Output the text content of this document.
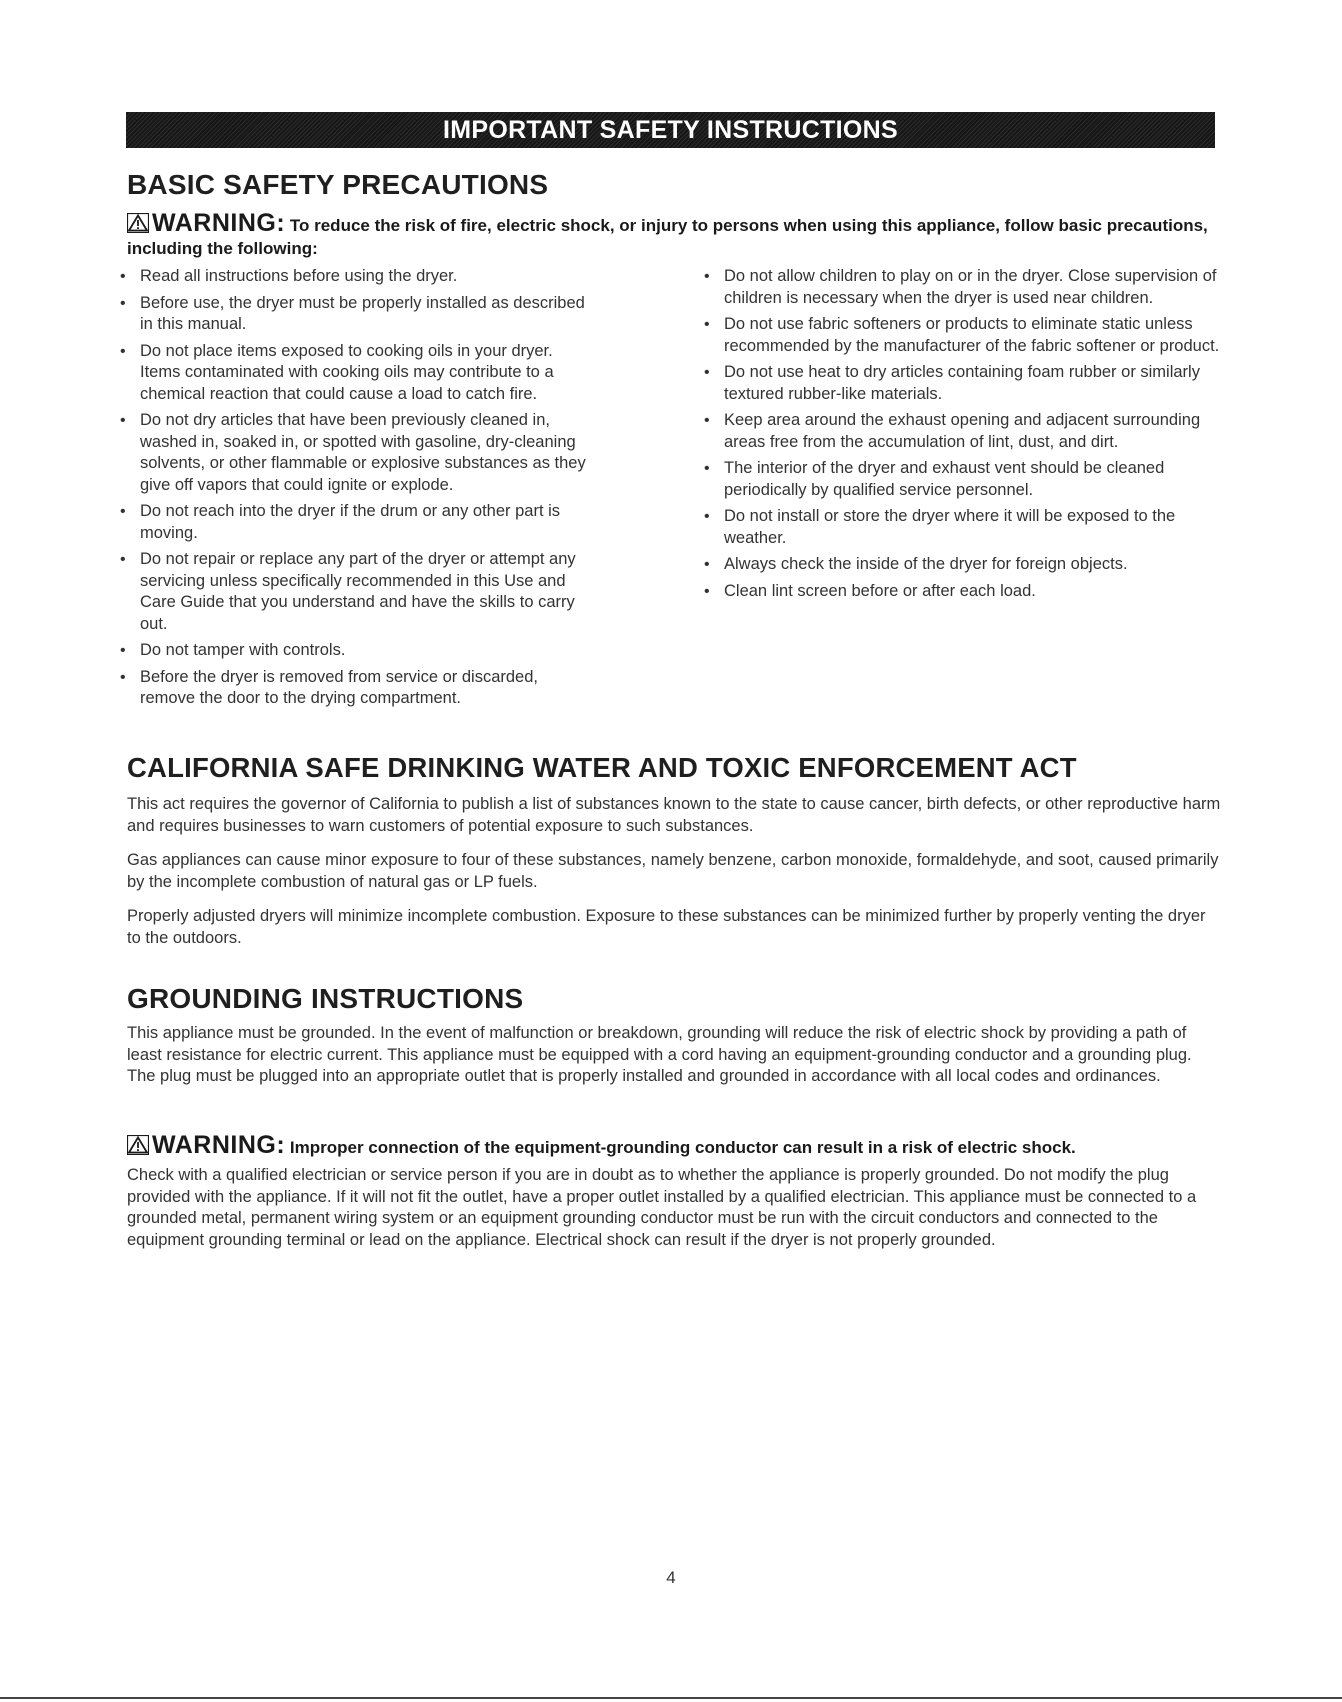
IMPORTANT SAFETY INSTRUCTIONS
BASIC SAFETY PRECAUTIONS
WARNING: To reduce the risk of fire, electric shock, or injury to persons when using this appliance, follow basic precautions, including the following:
• Read all instructions before using the dryer.
• Before use, the dryer must be properly installed as described in this manual.
• Do not place items exposed to cooking oils in your dryer. Items contaminated with cooking oils may contribute to a chemical reaction that could cause a load to catch fire.
• Do not dry articles that have been previously cleaned in, washed in, soaked in, or spotted with gasoline, dry-cleaning solvents, or other flammable or explosive substances as they give off vapors that could ignite or explode.
• Do not reach into the dryer if the drum or any other part is moving.
• Do not repair or replace any part of the dryer or attempt any servicing unless specifically recommended in this Use and Care Guide that you understand and have the skills to carry out.
• Do not tamper with controls.
• Before the dryer is removed from service or discarded, remove the door to the drying compartment.
• Do not allow children to play on or in the dryer. Close supervision of children is necessary when the dryer is used near children.
• Do not use fabric softeners or products to eliminate static unless recommended by the manufacturer of the fabric softener or product.
• Do not use heat to dry articles containing foam rubber or similarly textured rubber-like materials.
• Keep area around the exhaust opening and adjacent surrounding areas free from the accumulation of lint, dust, and dirt.
• The interior of the dryer and exhaust vent should be cleaned periodically by qualified service personnel.
• Do not install or store the dryer where it will be exposed to the weather.
• Always check the inside of the dryer for foreign objects.
• Clean lint screen before or after each load.
CALIFORNIA SAFE DRINKING WATER AND TOXIC ENFORCEMENT ACT

This act requires the governor of California to publish a list of substances known to the state to cause cancer, birth defects, or other reproductive harm and requires businesses to warn customers of potential exposure to such substances.

Gas appliances can cause minor exposure to four of these substances, namely benzene, carbon monoxide, formaldehyde, and soot, caused primarily by the incomplete combustion of natural gas or LP fuels.

Properly adjusted dryers will minimize incomplete combustion. Exposure to these substances can be minimized further by properly venting the dryer to the outdoors.

GROUNDING INSTRUCTIONS

This appliance must be grounded. In the event of malfunction or breakdown, grounding will reduce the risk of electric shock by providing a path of least resistance for electric current. This appliance must be equipped with a cord having an equipment-grounding conductor and a grounding plug. The plug must be plugged into an appropriate outlet that is properly installed and grounded in accordance with all local codes and ordinances.

WARNING: Improper connection of the equipment-grounding conductor can result in a risk of electric shock.

Check with a qualified electrician or service person if you are in doubt as to whether the appliance is properly grounded. Do not modify the plug provided with the appliance. If it will not fit the outlet, have a proper outlet installed by a qualified electrician. This appliance must be connected to a grounded metal, permanent wiring system or an equipment grounding conductor must be run with the circuit conductors and connected to the equipment grounding terminal or lead on the appliance. Electrical shock can result if the dryer is not properly grounded.

4
